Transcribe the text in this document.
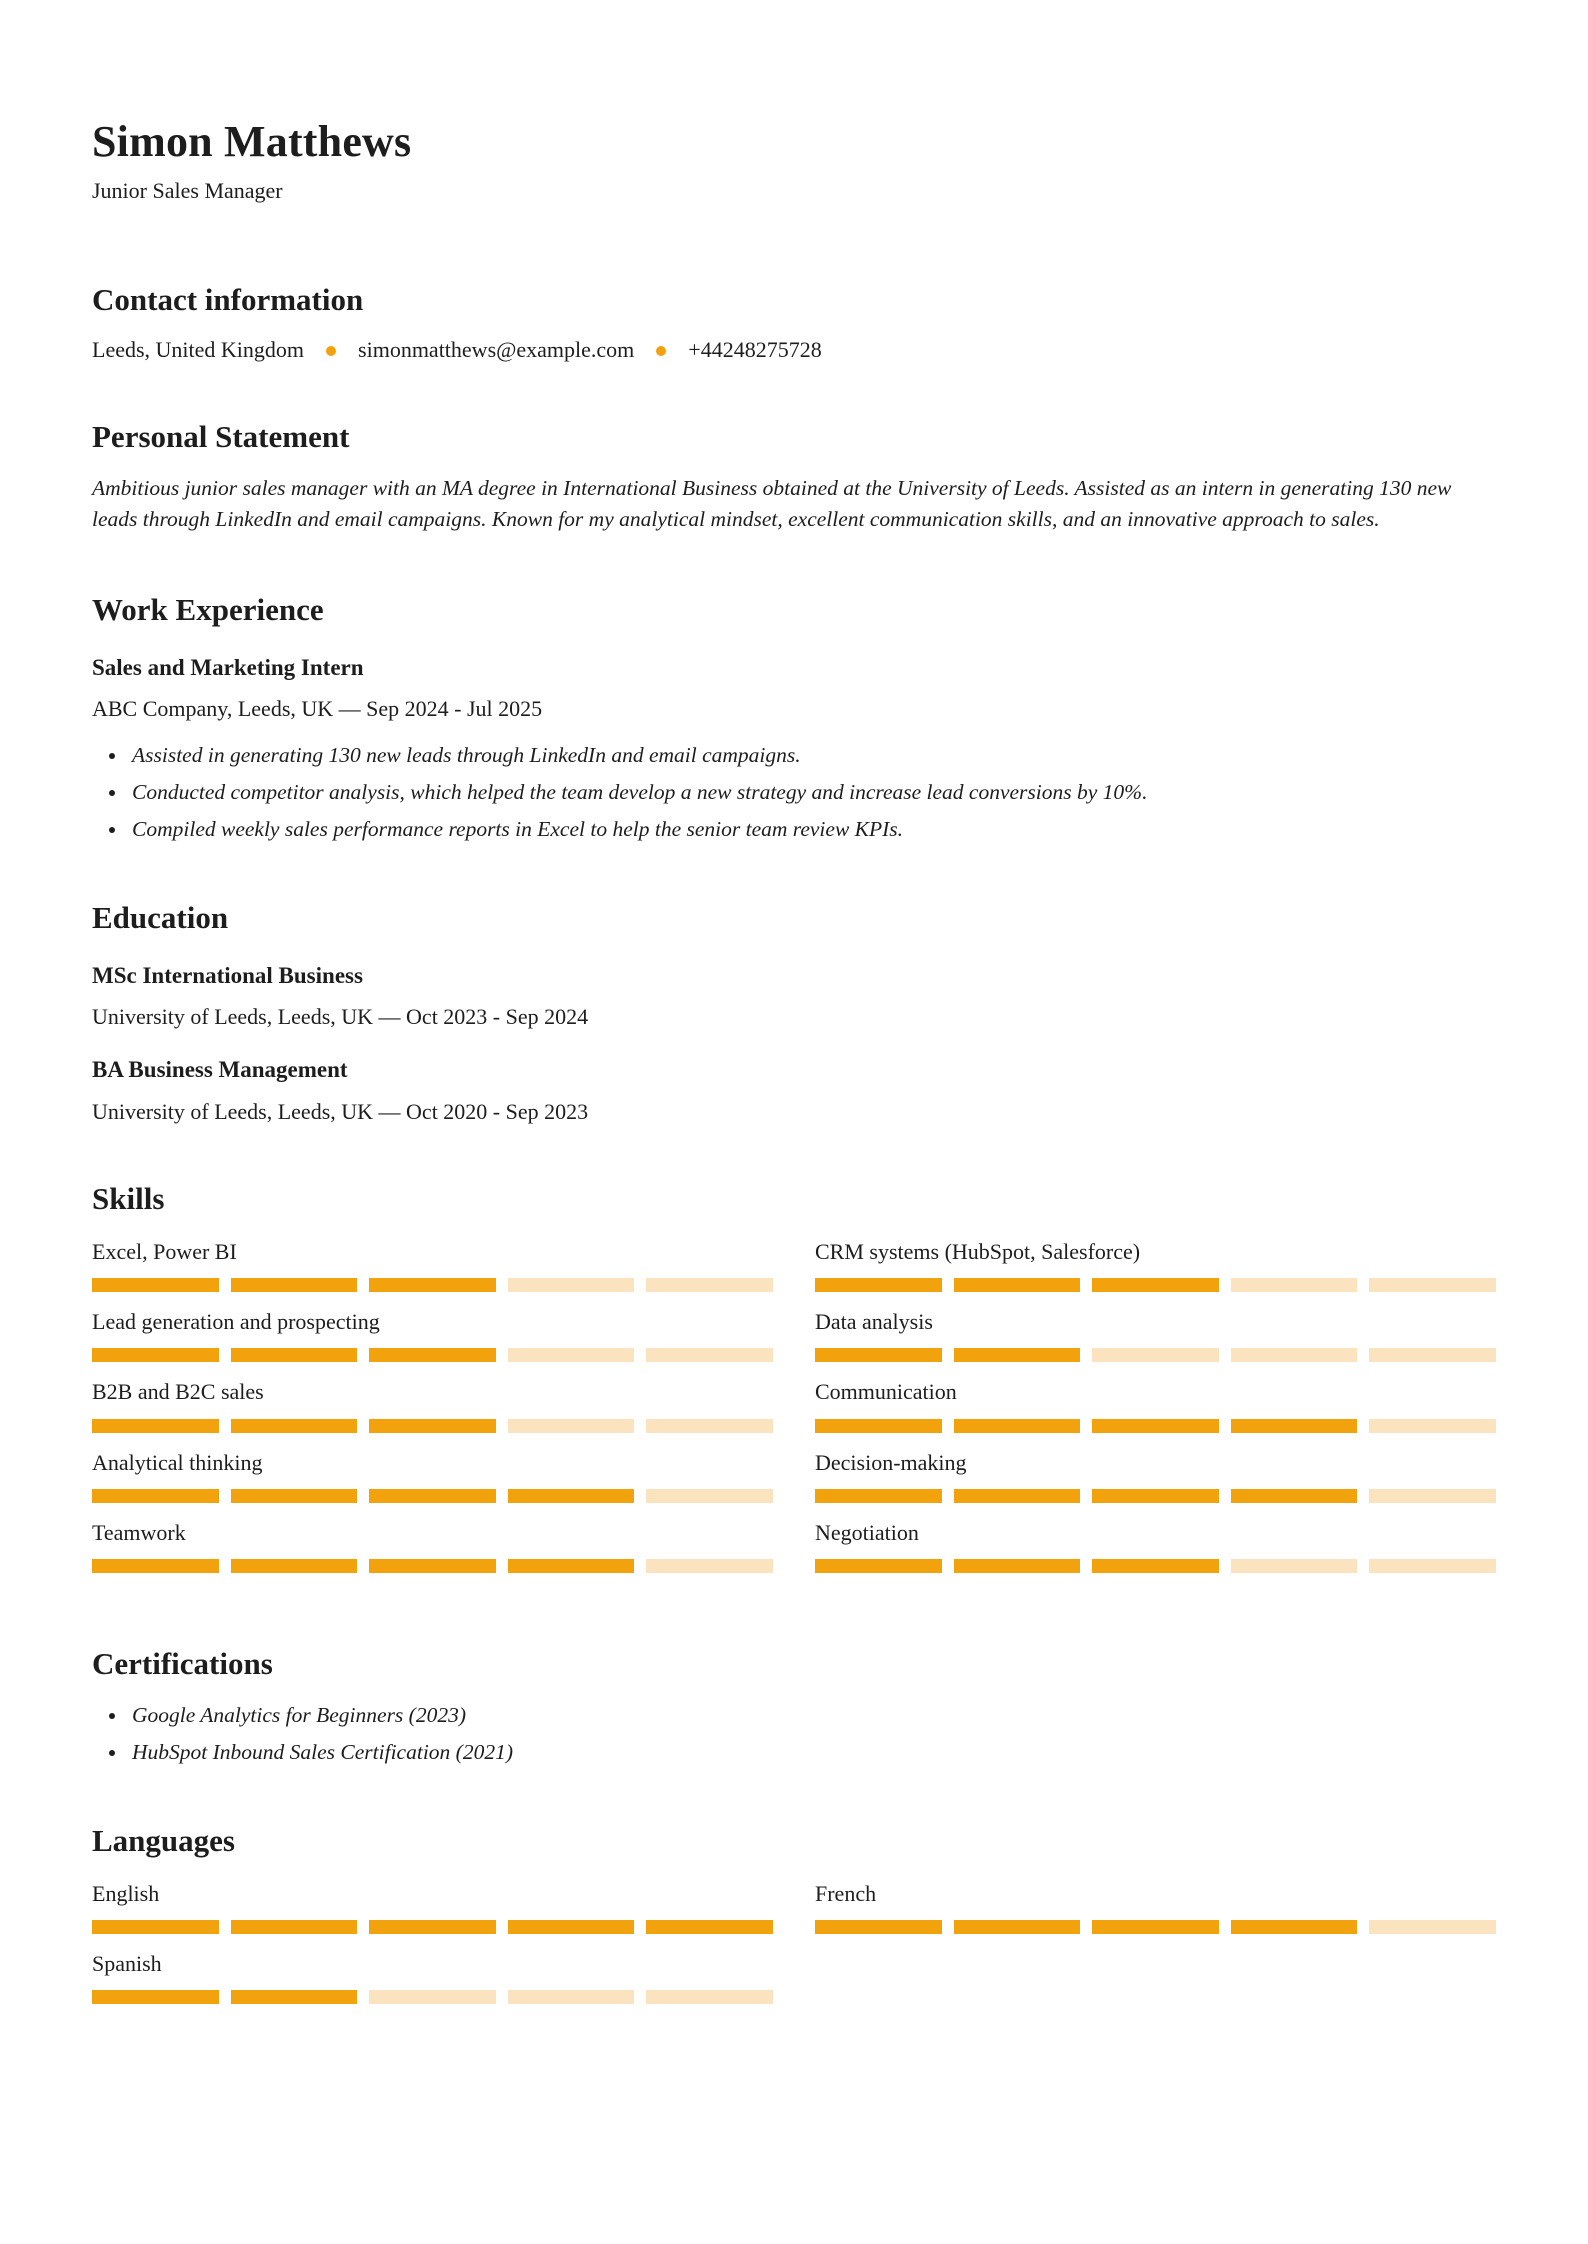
Simon Matthews
Junior Sales Manager
Contact information
Leeds, United Kingdom simonmatthews@example.com +44248275728
Personal Statement

Ambitious junior sales manager with an MA degree in International Business obtained at the University of Leeds. Assisted as an intern in generating 130 new leads through LinkedIn and email campaigns. Known for my analytical mindset, excellent communication skills, and an innovative approach to sales.

Work Experience
Sales and Marketing Intern
ABC Company, Leeds, UK — Sep 2024 - Jul 2025
• Assisted in generating 130 new leads through LinkedIn and email campaigns.
• Conducted competitor analysis, which helped the team develop a new strategy and increase lead conversions by 10%.
• Compiled weekly sales performance reports in Excel to help the senior team review KPIs.
Education
MSc International Business
University of Leeds, Leeds, UK — Oct 2023 - Sep 2024
BA Business Management
University of Leeds, Leeds, UK — Oct 2020 - Sep 2023
Skills
Excel, Power BI
Lead generation and prospecting
B2B and B2C sales
Analytical thinking
Teamwork
CRM systems (HubSpot, Salesforce)
Data analysis
Communication
Decision-making
Negotiation
Certifications
• Google Analytics for Beginners (2023)
• HubSpot Inbound Sales Certification (2021)
Languages
English	French
Spanish
